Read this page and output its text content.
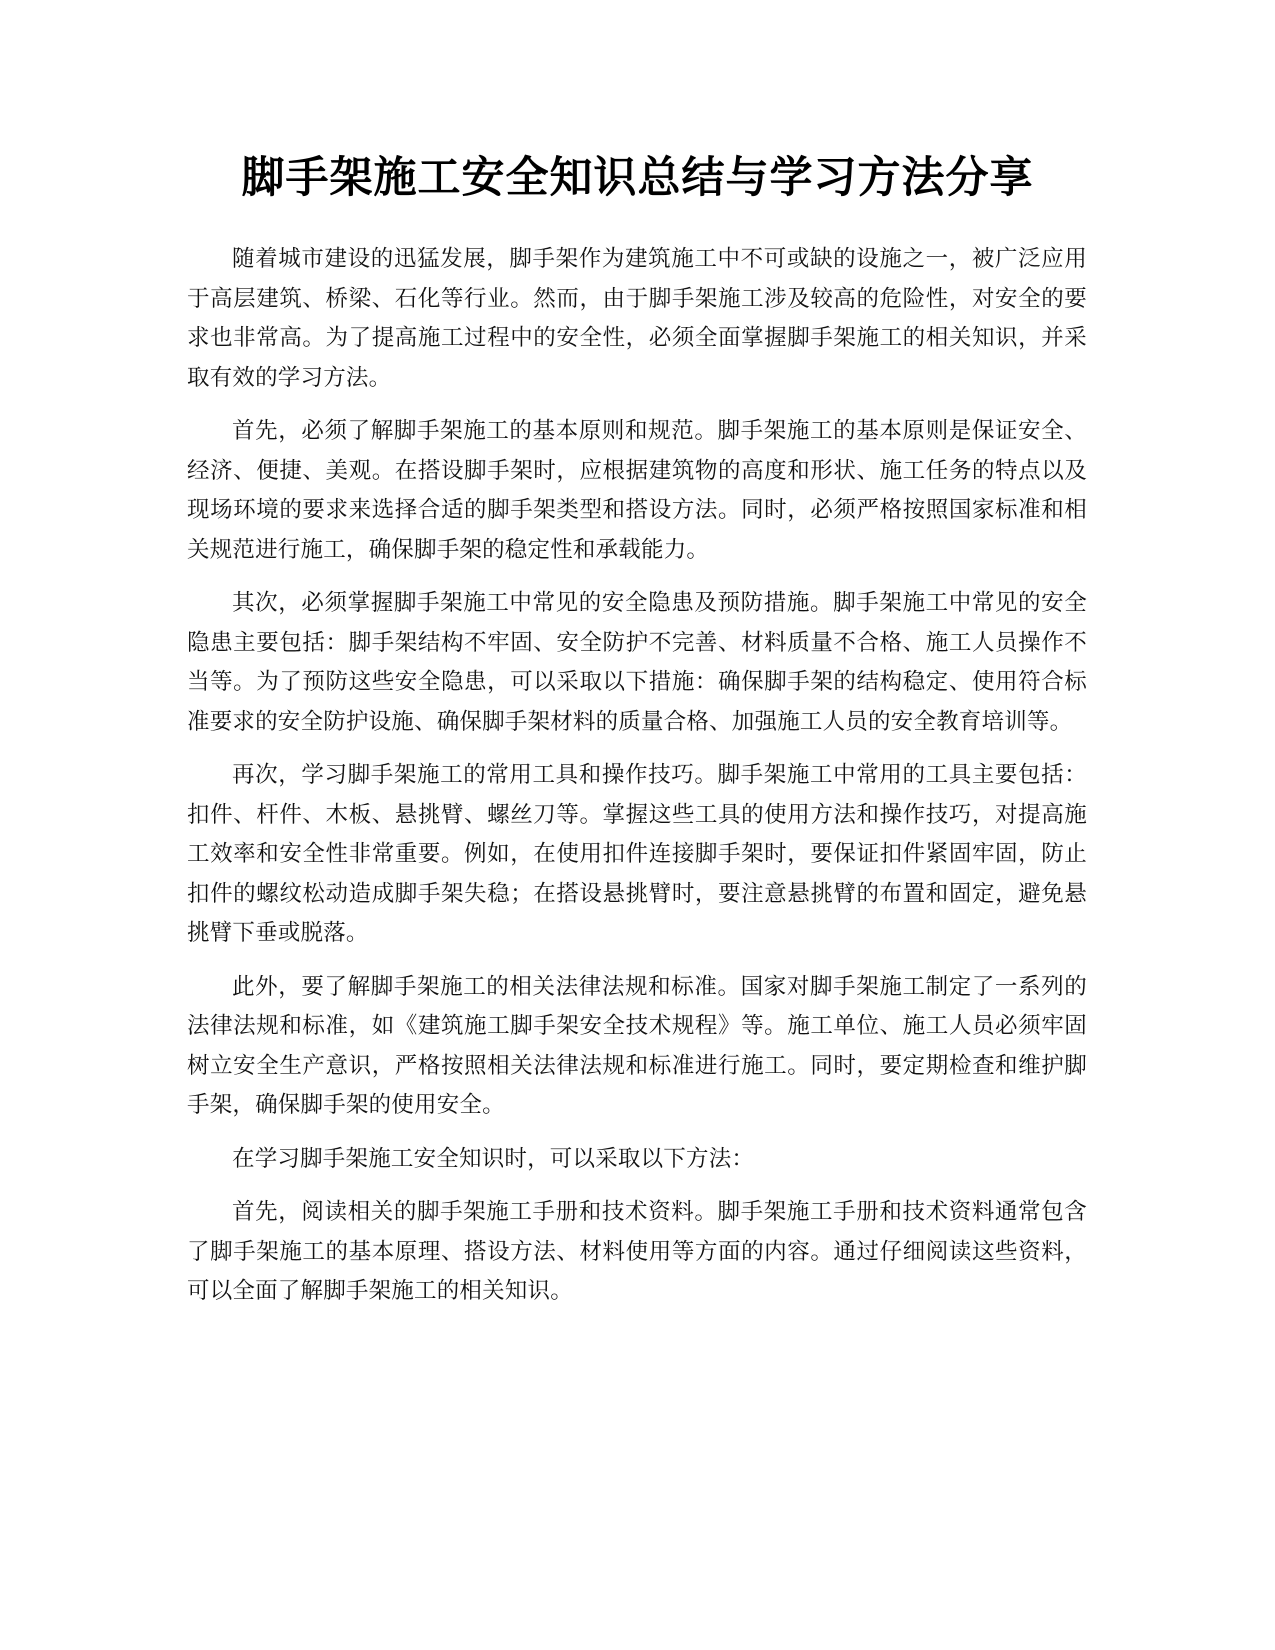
脚手架施工安全知识总结与学习方法分享

随着城市建设的迅猛发展，脚手架作为建筑施工中不可或缺的设施之一，被广泛应用于高层建筑、桥梁、石化等行业。然而，由于脚手架施工涉及较高的危险性，对安全的要求也非常高。为了提高施工过程中的安全性，必须全面掌握脚手架施工的相关知识，并采取有效的学习方法。

首先，必须了解脚手架施工的基本原则和规范。脚手架施工的基本原则是保证安全、经济、便捷、美观。在搭设脚手架时，应根据建筑物的高度和形状、施工任务的特点以及现场环境的要求来选择合适的脚手架类型和搭设方法。同时，必须严格按照国家标准和相关规范进行施工，确保脚手架的稳定性和承载能力。

其次，必须掌握脚手架施工中常见的安全隐患及预防措施。脚手架施工中常见的安全隐患主要包括：脚手架结构不牢固、安全防护不完善、材料质量不合格、施工人员操作不当等。为了预防这些安全隐患，可以采取以下措施：确保脚手架的结构稳定、使用符合标准要求的安全防护设施、确保脚手架材料的质量合格、加强施工人员的安全教育培训等。

再次，学习脚手架施工的常用工具和操作技巧。脚手架施工中常用的工具主要包括：扣件、杆件、木板、悬挑臂、螺丝刀等。掌握这些工具的使用方法和操作技巧，对提高施工效率和安全性非常重要。例如，在使用扣件连接脚手架时，要保证扣件紧固牢固，防止扣件的螺纹松动造成脚手架失稳；在搭设悬挑臂时，要注意悬挑臂的布置和固定，避免悬挑臂下垂或脱落。

此外，要了解脚手架施工的相关法律法规和标准。国家对脚手架施工制定了一系列的法律法规和标准，如《建筑施工脚手架安全技术规程》等。施工单位、施工人员必须牢固树立安全生产意识，严格按照相关法律法规和标准进行施工。同时，要定期检查和维护脚手架，确保脚手架的使用安全。

在学习脚手架施工安全知识时，可以采取以下方法：

首先，阅读相关的脚手架施工手册和技术资料。脚手架施工手册和技术资料通常包含了脚手架施工的基本原理、搭设方法、材料使用等方面的内容。通过仔细阅读这些资料，可以全面了解脚手架施工的相关知识。
